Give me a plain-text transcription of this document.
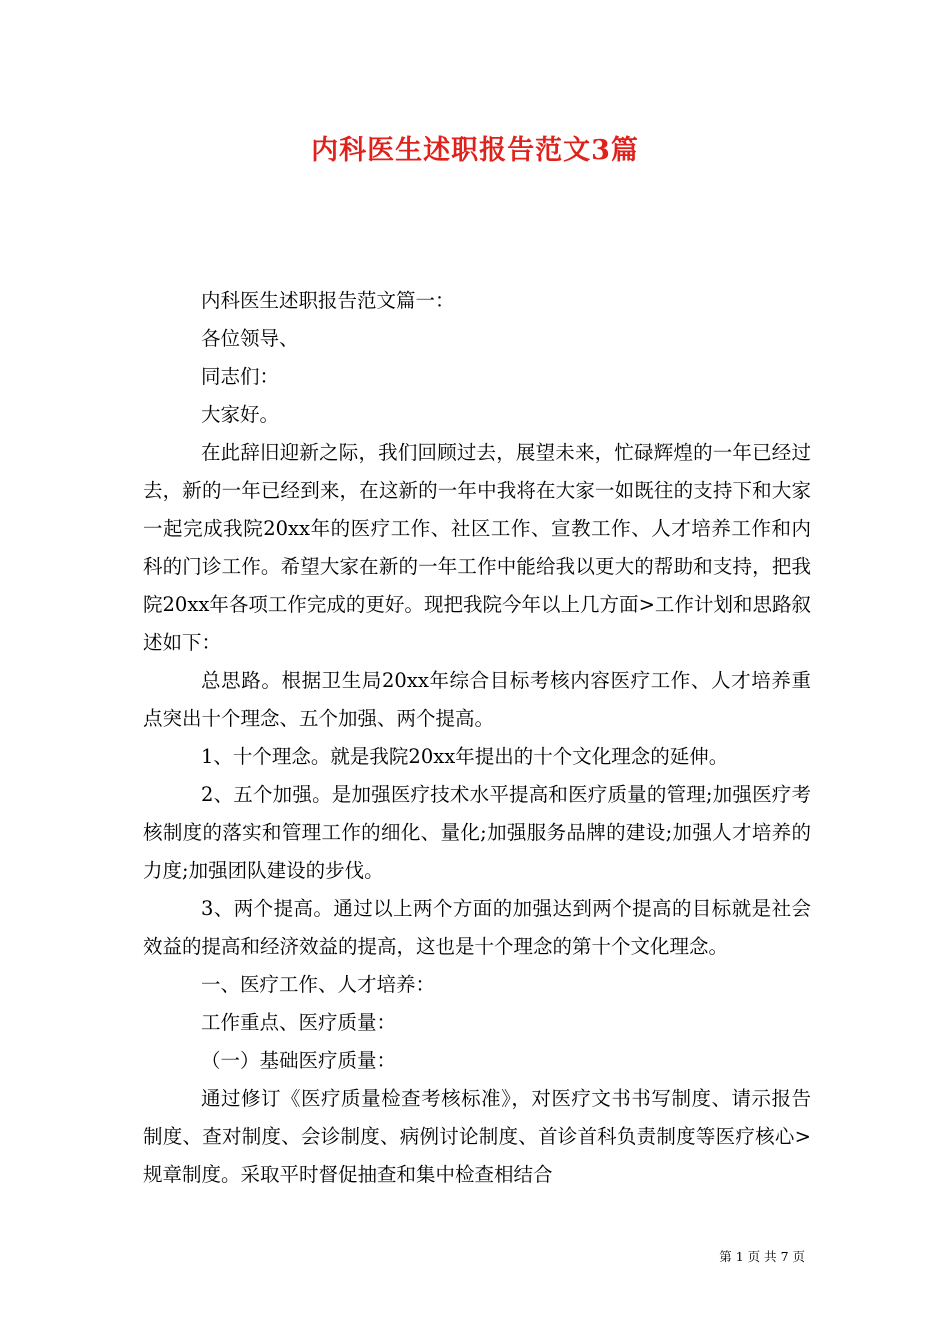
内科医生述职报告范文3篇

内科医生述职报告范文篇一：

各位领导、

同志们：

大家好。

在此辞旧迎新之际，我们回顾过去，展望未来，忙碌辉煌的一年已经过去，新的一年已经到来，在这新的一年中我将在大家一如既往的支持下和大家一起完成我院20xx年的医疗工作、社区工作、宣教工作、人才培养工作和内科的门诊工作。希望大家在新的一年工作中能给我以更大的帮助和支持，把我院20xx年各项工作完成的更好。现把我院今年以上几方面>工作计划和思路叙述如下：

总思路。根据卫生局20xx年综合目标考核内容医疗工作、人才培养重点突出十个理念、五个加强、两个提高。

1、十个理念。就是我院20xx年提出的十个文化理念的延伸。

2、五个加强。是加强医疗技术水平提高和医疗质量的管理;加强医疗考核制度的落实和管理工作的细化、量化;加强服务品牌的建设;加强人才培养的力度;加强团队建设的步伐。

3、两个提高。通过以上两个方面的加强达到两个提高的目标就是社会效益的提高和经济效益的提高，这也是十个理念的第十个文化理念。

一、医疗工作、人才培养：

工作重点、医疗质量：

（一）基础医疗质量：

通过修订《医疗质量检查考核标准》，对医疗文书书写制度、请示报告制度、查对制度、会诊制度、病例讨论制度、首诊首科负责制度等医疗核心>规章制度。采取平时督促抽查和集中检查相结合

第 1 页 共 7 页
